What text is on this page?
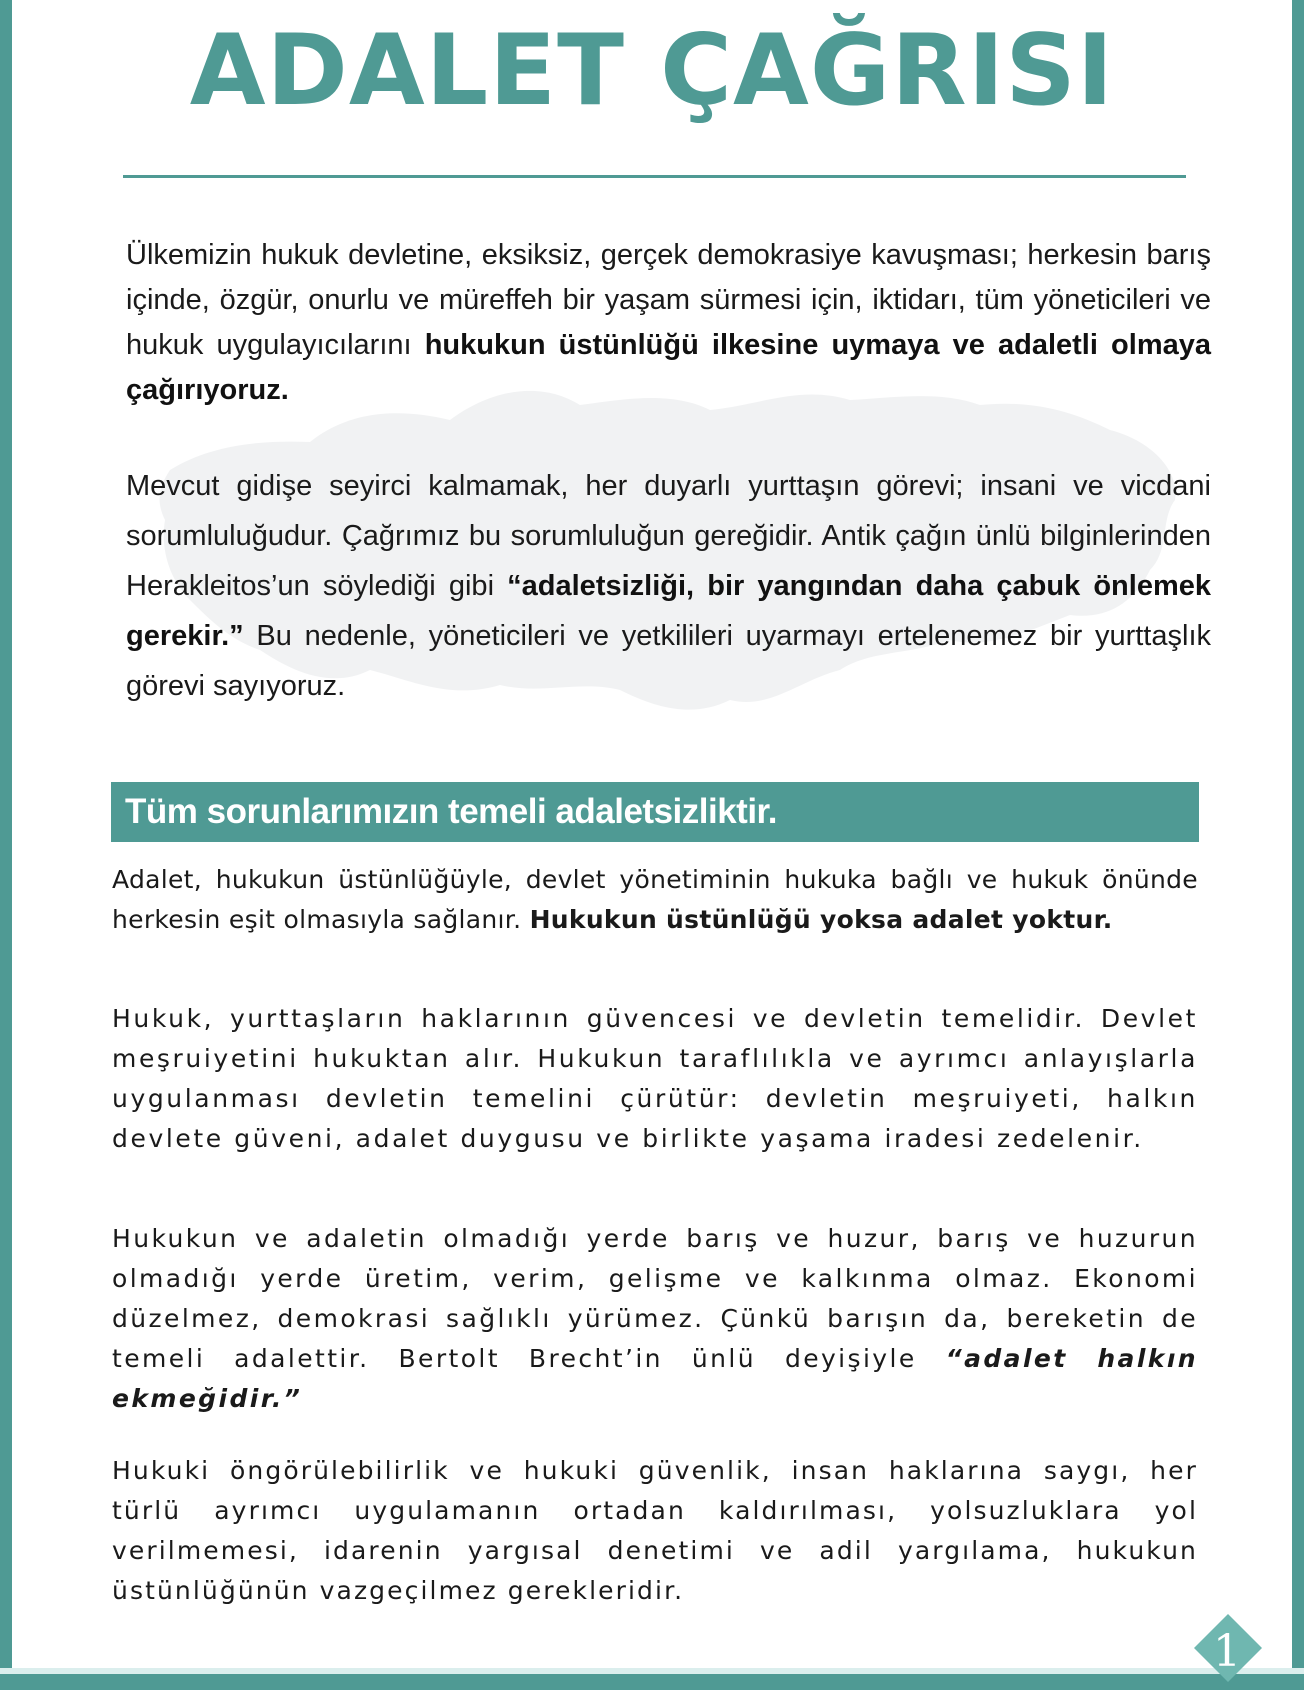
ADALET ÇAĞRISI

Ülkemizin hukuk devletine, eksiksiz, gerçek demokrasiye kavuşması; herkesin barış içinde, özgür, onurlu ve müreffeh bir yaşam sürmesi için, iktidarı, tüm yöneticileri ve hukuk uygulayıcılarını hukukun üstünlüğü ilkesine uymaya ve adaletli olmaya çağırıyoruz.

Mevcut gidişe seyirci kalmamak, her duyarlı yurttaşın görevi; insani ve vicdani sorumluluğudur. Çağrımız bu sorumluluğun gereğidir. Antik çağın ünlü bilginlerinden Herakleitos’un söylediği gibi “adaletsizliği, bir yangından daha çabuk önlemek gerekir.” Bu nedenle, yöneticileri ve yetkilileri uyarmayı ertelenemez bir yurttaşlık görevi sayıyoruz.

Tüm sorunlarımızın temeli adaletsizliktir.

Adalet, hukukun üstünlüğüyle, devlet yönetiminin hukuka bağlı ve hukuk önünde herkesin eşit olmasıyla sağlanır. Hukukun üstünlüğü yoksa adalet yoktur.

Hukuk, yurttaşların haklarının güvencesi ve devletin temelidir. Devlet meşruiyetini hukuktan alır. Hukukun taraflılıkla ve ayrımcı anlayışlarla uygulanması devletin temelini çürütür: devletin meşruiyeti, halkın devlete güveni, adalet duygusu ve birlikte yaşama iradesi zedelenir.

Hukukun ve adaletin olmadığı yerde barış ve huzur, barış ve huzurun olmadığı yerde üretim, verim, gelişme ve kalkınma olmaz. Ekonomi düzelmez, demokrasi sağlıklı yürümez. Çünkü barışın da, bereketin de temeli adalettir. Bertolt Brecht’in ünlü deyişiyle “adalet halkın ekmeğidir.”

Hukuki öngörülebilirlik ve hukuki güvenlik, insan haklarına saygı, her türlü ayrımcı uygulamanın ortadan kaldırılması, yolsuzluklara yol verilmemesi, idarenin yargısal denetimi ve adil yargılama, hukukun üstünlüğünün vazgeçilmez gerekleridir.

1
